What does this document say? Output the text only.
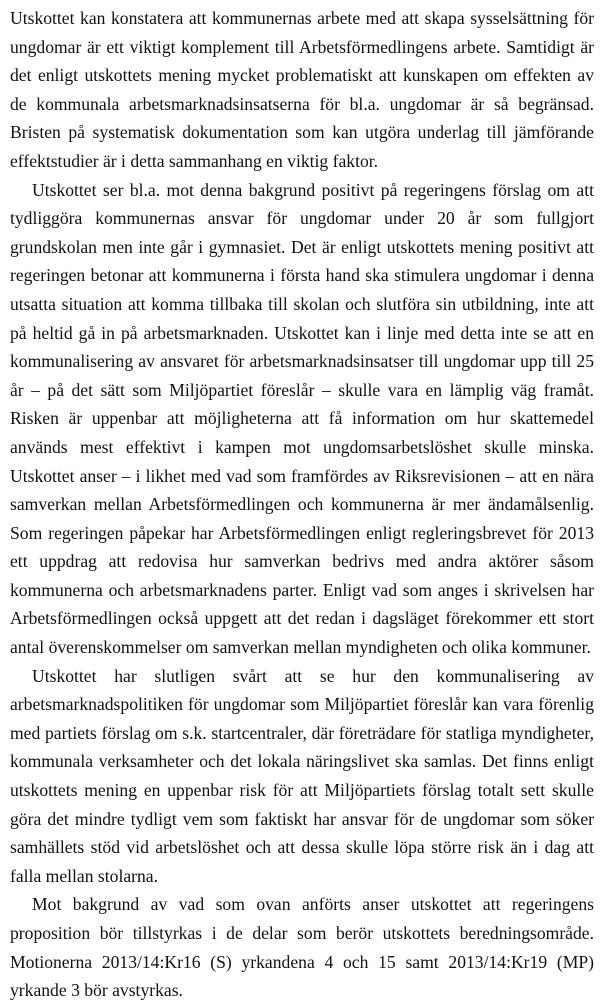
Utskottet kan konstatera att kommunernas arbete med att skapa sysselsättning för ungdomar är ett viktigt komplement till Arbetsförmedlingens arbete. Samtidigt är det enligt utskottets mening mycket problematiskt att kunskapen om effekten av de kommunala arbetsmarknadsinsatserna för bl.a. ungdomar är så begränsad. Bristen på systematisk dokumentation som kan utgöra underlag till jämförande effektstudier är i detta sammanhang en viktig faktor.

Utskottet ser bl.a. mot denna bakgrund positivt på regeringens förslag om att tydliggöra kommunernas ansvar för ungdomar under 20 år som fullgjort grundskolan men inte går i gymnasiet. Det är enligt utskottets mening positivt att regeringen betonar att kommunerna i första hand ska stimulera ungdomar i denna utsatta situation att komma tillbaka till skolan och slutföra sin utbildning, inte att på heltid gå in på arbetsmarknaden. Utskottet kan i linje med detta inte se att en kommunalisering av ansvaret för arbetsmarknadsinsatser till ungdomar upp till 25 år – på det sätt som Miljöpartiet föreslår – skulle vara en lämplig väg framåt. Risken är uppenbar att möjligheterna att få information om hur skattemedel används mest effektivt i kampen mot ungdomsarbetslöshet skulle minska. Utskottet anser – i likhet med vad som framfördes av Riksrevisionen – att en nära samverkan mellan Arbetsförmedlingen och kommunerna är mer ändamålsenlig. Som regeringen påpekar har Arbetsförmedlingen enligt regleringsbrevet för 2013 ett uppdrag att redovisa hur samverkan bedrivs med andra aktörer såsom kommunerna och arbetsmarknadens parter. Enligt vad som anges i skrivelsen har Arbetsförmedlingen också uppgett att det redan i dagsläget förekommer ett stort antal överenskommelser om samverkan mellan myndigheten och olika kommuner.

Utskottet har slutligen svårt att se hur den kommunalisering av arbetsmarknadspolitiken för ungdomar som Miljöpartiet föreslår kan vara förenlig med partiets förslag om s.k. startcentraler, där företrädare för statliga myndigheter, kommunala verksamheter och det lokala näringslivet ska samlas. Det finns enligt utskottets mening en uppenbar risk för att Miljöpartiets förslag totalt sett skulle göra det mindre tydligt vem som faktiskt har ansvar för de ungdomar som söker samhällets stöd vid arbetslöshet och att dessa skulle löpa större risk än i dag att falla mellan stolarna.

Mot bakgrund av vad som ovan anförts anser utskottet att regeringens proposition bör tillstyrkas i de delar som berör utskottets beredningsområde. Motionerna 2013/14:Kr16 (S) yrkandena 4 och 15 samt 2013/14:Kr19 (MP) yrkande 3 bör avstyrkas.
